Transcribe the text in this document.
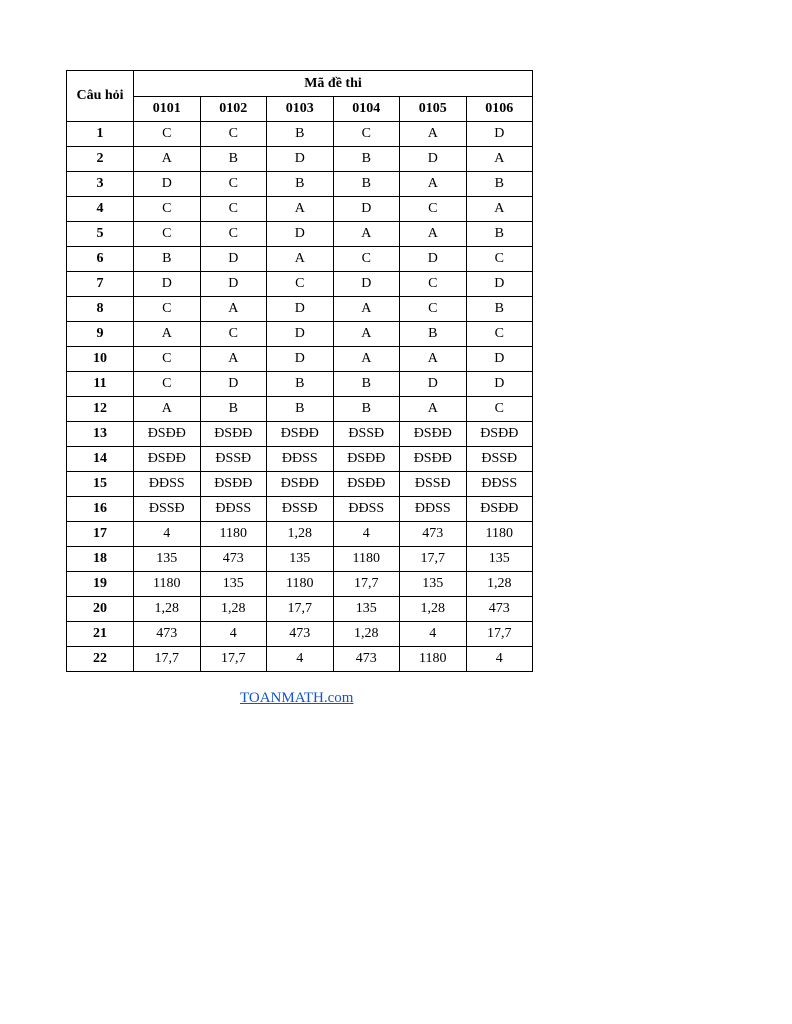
Câu hỏi	Mã đề thi					
	0101	0102	0103	0104	0105	0106
1	C	C	B	C	A	D
2	A	B	D	B	D	A
3	D	C	B	B	A	B
4	C	C	A	D	C	A
5	C	C	D	A	A	B
6	B	D	A	C	D	C
7	D	D	C	D	C	D
8	C	A	D	A	C	B
9	A	C	D	A	B	C
10	C	A	D	A	A	D
11	C	D	B	B	D	D
12	A	B	B	B	A	C
13	ĐSĐĐ	ĐSĐĐ	ĐSĐĐ	ĐSSĐ	ĐSĐĐ	ĐSĐĐ
14	ĐSĐĐ	ĐSSĐ	ĐĐSS	ĐSĐĐ	ĐSĐĐ	ĐSSĐ
15	ĐĐSS	ĐSĐĐ	ĐSĐĐ	ĐSĐĐ	ĐSSĐ	ĐĐSS
16	ĐSSĐ	ĐĐSS	ĐSSĐ	ĐĐSS	ĐĐSS	ĐSĐĐ
17	4	1180	1,28	4	473	1180
18	135	473	135	1180	17,7	135
19	1180	135	1180	17,7	135	1,28
20	1,28	1,28	17,7	135	1,28	473
21	473	4	473	1,28	4	17,7
22	17,7	17,7	4	473	1180	4
TOANMATH.com
